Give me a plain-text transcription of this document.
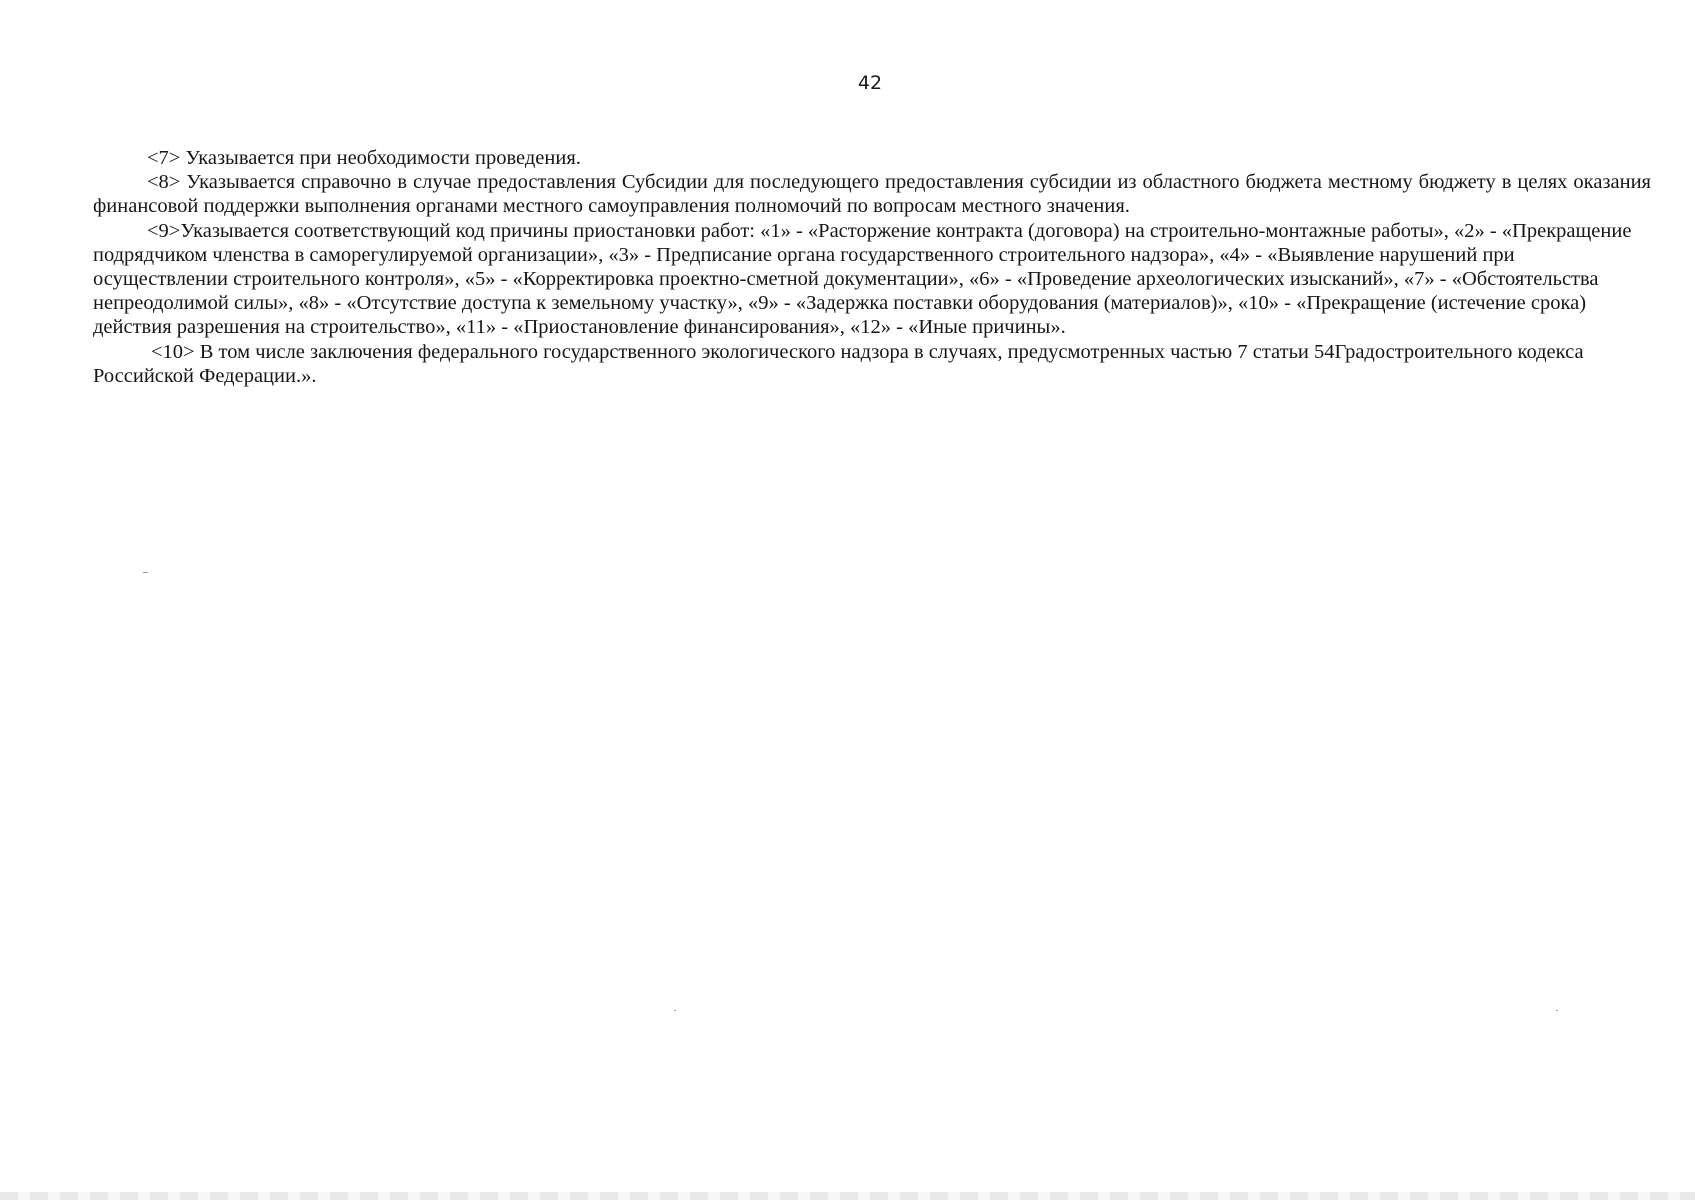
42

<7> Указывается при необходимости проведения.

<8> Указывается справочно в случае предоставления Субсидии для последующего предоставления субсидии из областного бюджета местному бюджету в целях оказания финансовой поддержки выполнения органами местного самоуправления полномочий по вопросам местного значения.

<9>Указывается соответствующий код причины приостановки работ: «1» - «Расторжение контракта (договора) на строительно-монтажные работы», «2» - «Прекращение подрядчиком членства в саморегулируемой организации», «3» - Предписание органа государственного строительного надзора», «4» - «Выявление нарушений при осуществлении строительного контроля», «5» - «Корректировка проектно-сметной документации», «6» - «Проведение археологических изысканий», «7» - «Обстоятельства непреодолимой силы», «8» - «Отсутствие доступа к земельному участку», «9» - «Задержка поставки оборудования (материалов)», «10» - «Прекращение (истечение срока) действия разрешения на строительство», «11» - «Приостановление финансирования», «12» - «Иные причины».

<10> В том числе заключения федерального государственного экологического надзора в случаях, предусмотренных частью 7 статьи 54Градостроительного кодекса Российской Федерации.».
